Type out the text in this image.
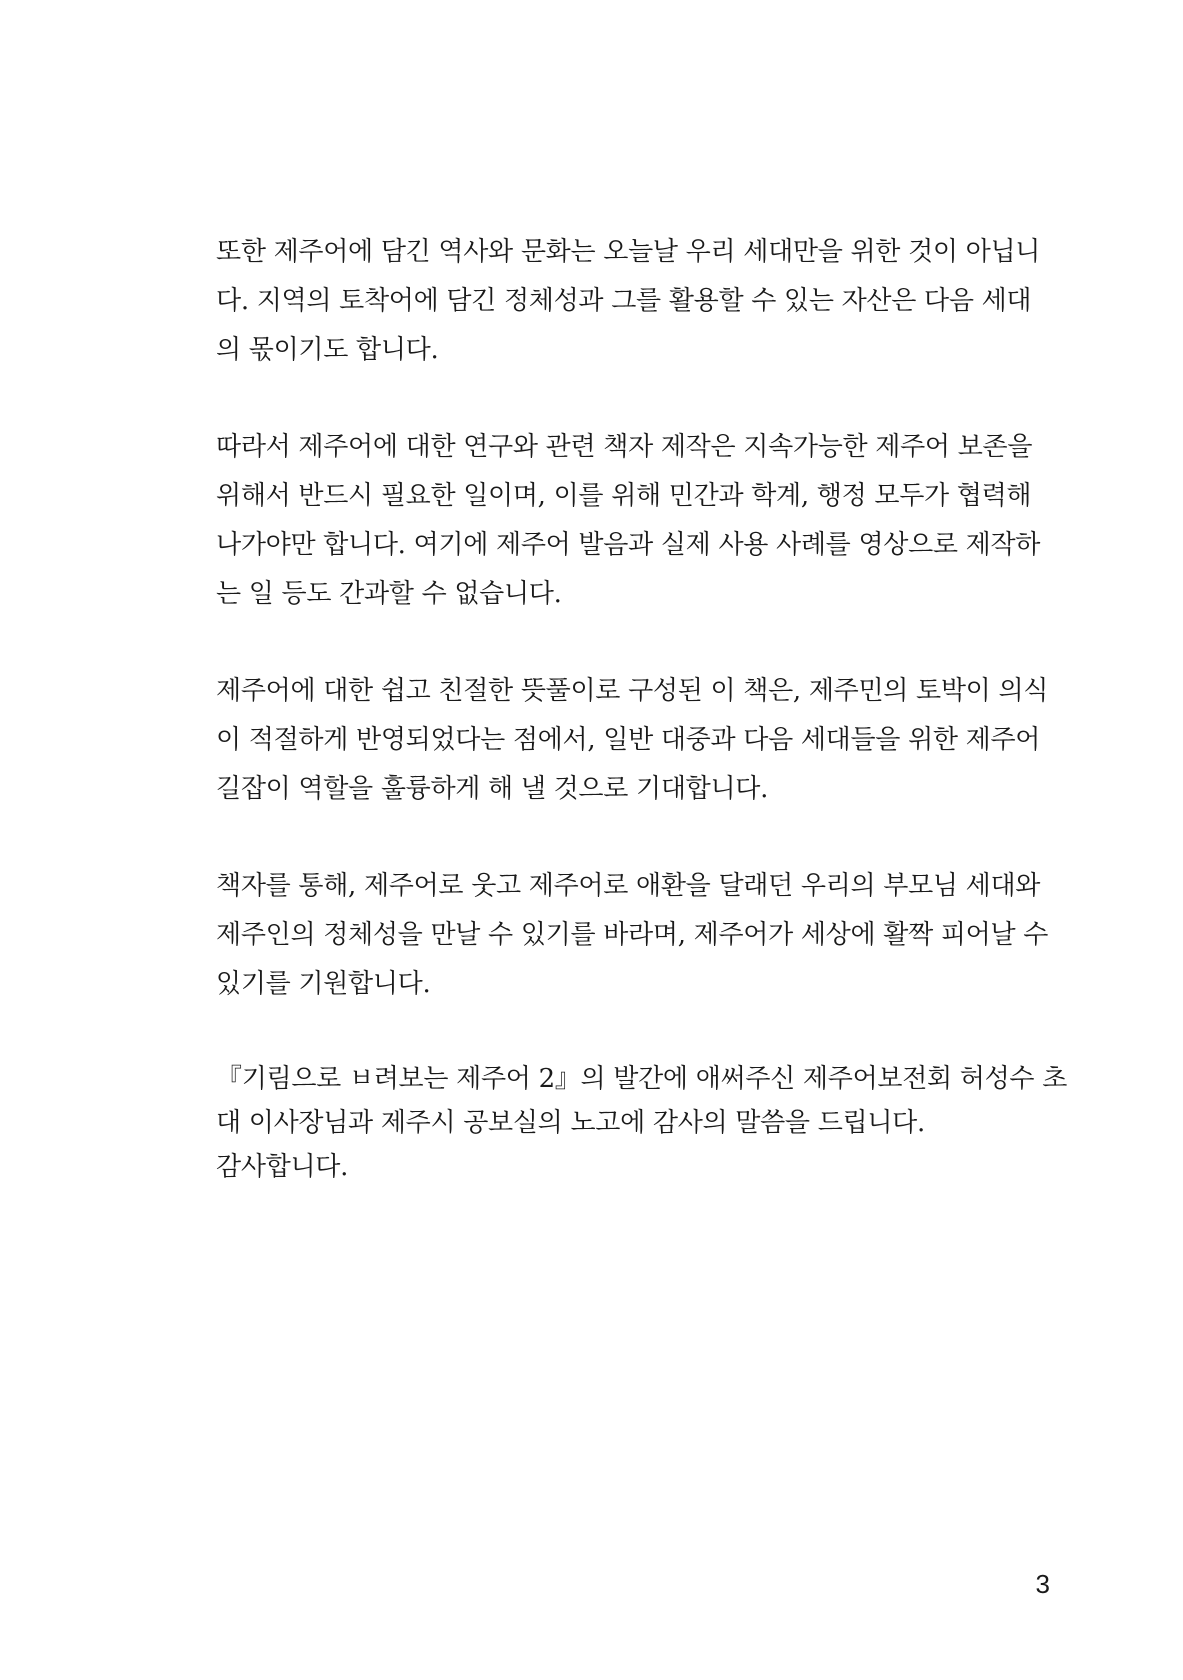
또한 제주어에 담긴 역사와 문화는 오늘날 우리 세대만을 위한 것이 아닙니
다. 지역의 토착어에 담긴 정체성과 그를 활용할 수 있는 자산은 다음 세대
의 몫이기도 합니다.

따라서 제주어에 대한 연구와 관련 책자 제작은 지속가능한 제주어 보존을
위해서 반드시 필요한 일이며, 이를 위해 민간과 학계, 행정 모두가 협력해
나가야만 합니다. 여기에 제주어 발음과 실제 사용 사례를 영상으로 제작하
는 일 등도 간과할 수 없습니다.

제주어에 대한 쉽고 친절한 뜻풀이로 구성된 이 책은, 제주민의 토박이 의식
이 적절하게 반영되었다는 점에서, 일반 대중과 다음 세대들을 위한 제주어
길잡이 역할을 훌륭하게 해 낼 것으로 기대합니다.

책자를 통해, 제주어로 웃고 제주어로 애환을 달래던 우리의 부모님 세대와
제주인의 정체성을 만날 수 있기를 바라며, 제주어가 세상에 활짝 피어날 수
있기를 기원합니다.

『기림으로 ㅂ려보는 제주어 2』의 발간에 애써주신 제주어보전회 허성수 초
대 이사장님과 제주시 공보실의 노고에 감사의 말씀을 드립니다.
감사합니다.

3
